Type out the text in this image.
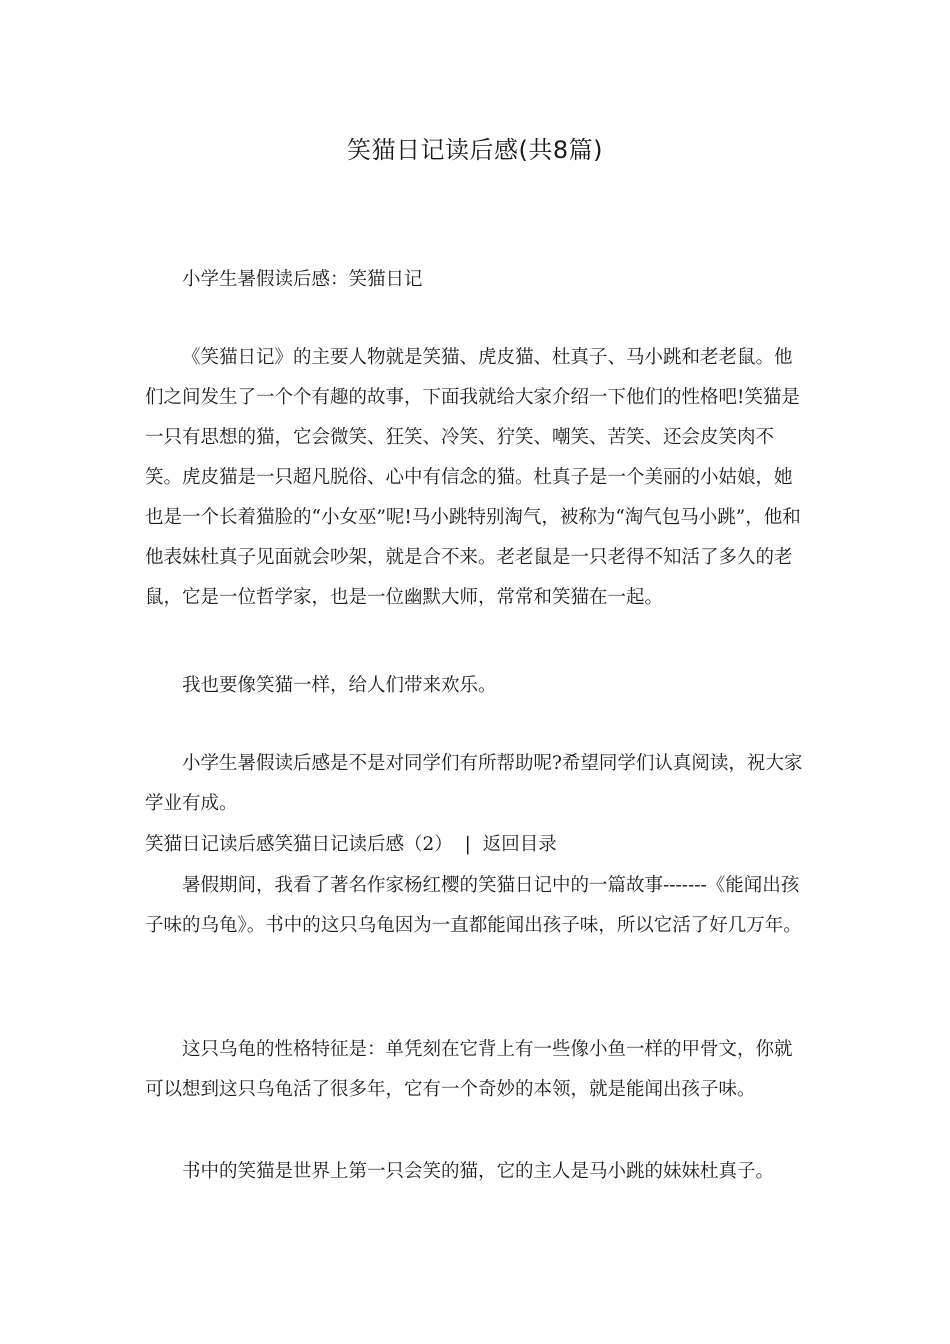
笑猫日记读后感(共8篇)

小学生暑假读后感：笑猫日记

《笑猫日记》的主要人物就是笑猫、虎皮猫、杜真子、马小跳和老老鼠。他们之间发生了一个个有趣的故事，下面我就给大家介绍一下他们的性格吧!笑猫是一只有思想的猫，它会微笑、狂笑、冷笑、狞笑、嘲笑、苦笑、还会皮笑肉不笑。虎皮猫是一只超凡脱俗、心中有信念的猫。杜真子是一个美丽的小姑娘，她也是一个长着猫脸的“小女巫”呢!马小跳特别淘气，被称为“淘气包马小跳”，他和他表妹杜真子见面就会吵架，就是合不来。老老鼠是一只老得不知活了多久的老鼠，它是一位哲学家，也是一位幽默大师，常常和笑猫在一起。

我也要像笑猫一样，给人们带来欢乐。

小学生暑假读后感是不是对同学们有所帮助呢?希望同学们认真阅读，祝大家学业有成。

笑猫日记读后感笑猫日记读后感（2） | 返回目录

暑假期间，我看了著名作家杨红樱的笑猫日记中的一篇故事-------《能闻出孩子味的乌龟》。书中的这只乌龟因为一直都能闻出孩子味，所以它活了好几万年。

这只乌龟的性格特征是：单凭刻在它背上有一些像小鱼一样的甲骨文，你就可以想到这只乌龟活了很多年，它有一个奇妙的本领，就是能闻出孩子味。

书中的笑猫是世界上第一只会笑的猫，它的主人是马小跳的妹妹杜真子。
